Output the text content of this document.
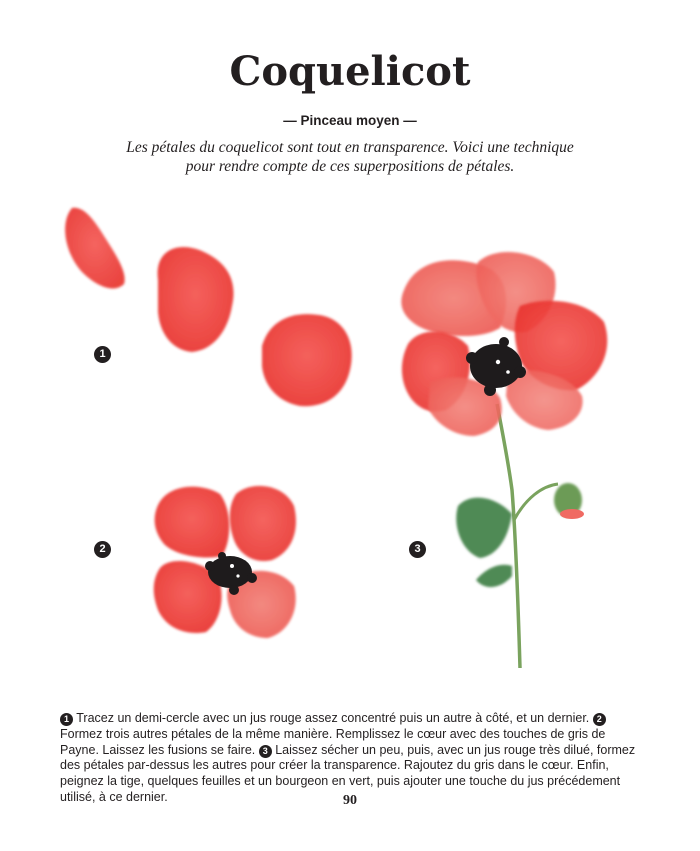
Coquelicot
— Pinceau moyen —
Les pétales du coquelicot sont tout en transparence. Voici une technique
pour rendre compte de ces superpositions de pétales.
1
2	3
1 Tracez un demi-cercle avec un jus rouge assez concentré puis un autre à côté, et un dernier. 2 Formez trois autres pétales de la même manière. Remplissez le cœur avec des touches de gris de Payne. Laissez les fusions se faire. 3 Laissez sécher un peu, puis, avec un jus rouge très dilué, formez des pétales par-dessus les autres pour créer la transparence. Rajoutez du gris dans le cœur. Enfin, peignez la tige, quelques feuilles et un bourgeon en vert, puis ajouter une touche du jus précédement utilisé, à ce dernier.	90
